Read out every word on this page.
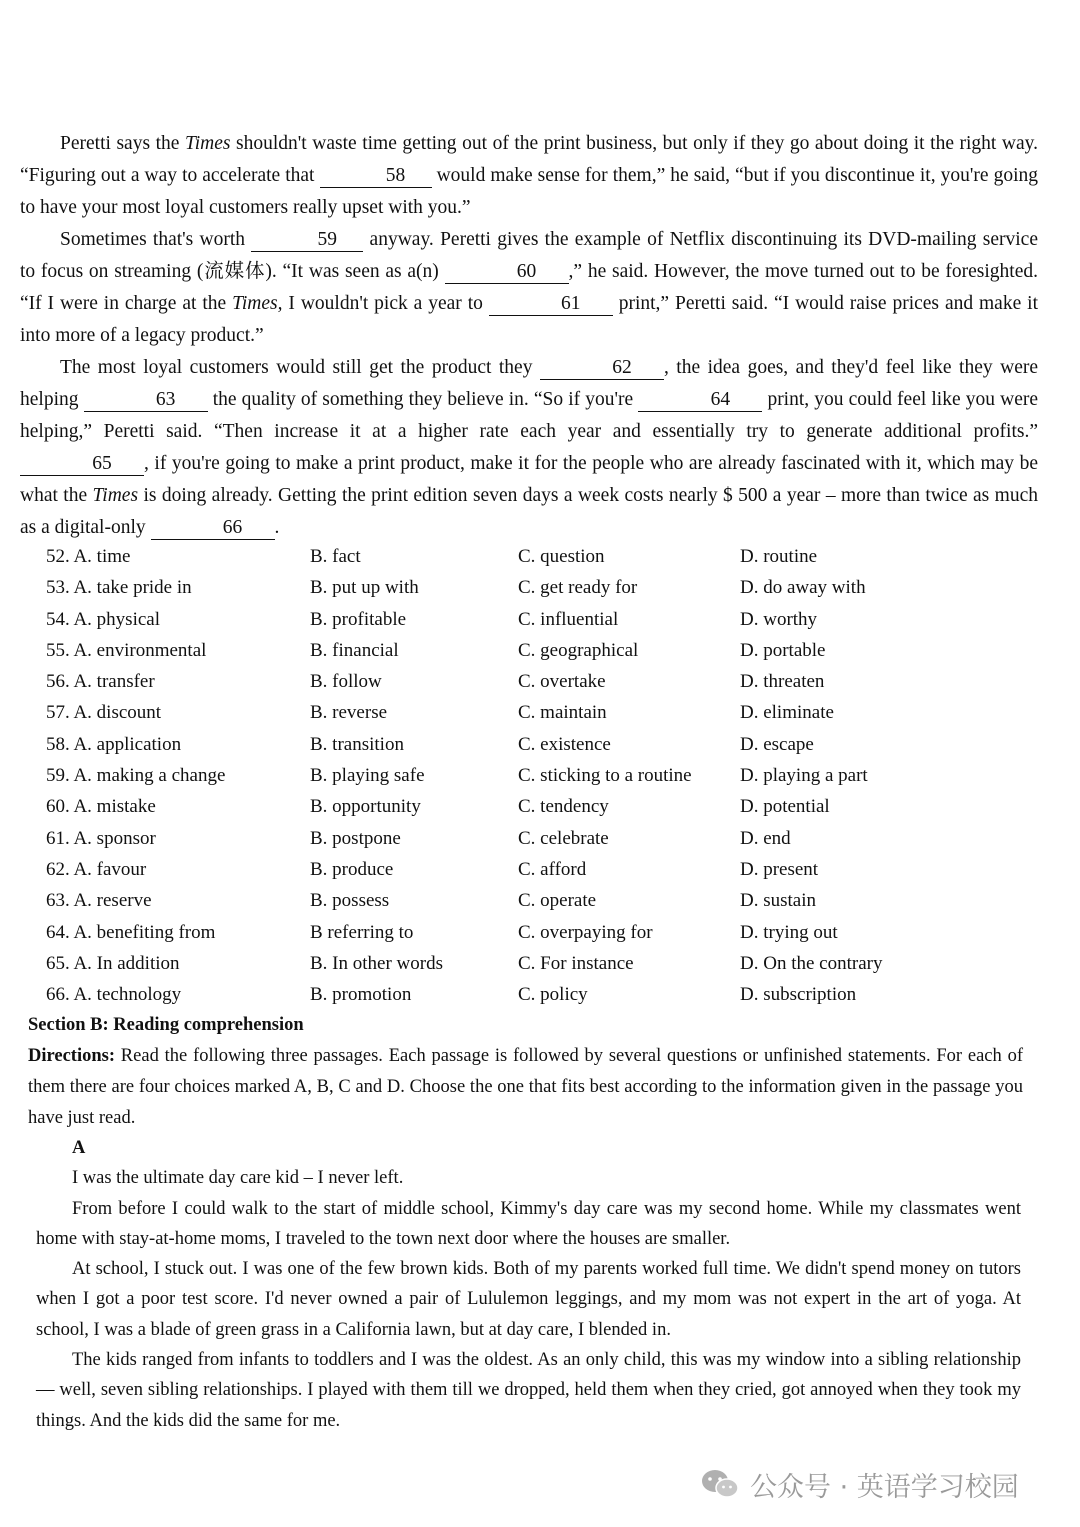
Peretti says the Times shouldn't waste time getting out of the print business, but only if they go about doing it the right way. “Figuring out a way to accelerate that	58 would make sense for them,” he said, “but if you discontinue it, you're going to have your most loyal customers really upset with you.”

Sometimes that's worth	59 anyway. Peretti gives the example of Netflix discontinuing its DVD-mailing service to focus on streaming (流媒体). “It was seen as a(n)	60 ,” he said. However, the move turned out to be foresighted. “If I were in charge at the Times, I wouldn't pick a year to	61 print,” Peretti said. “I would raise prices and make it into more of a legacy product.”

The most loyal customers would still get the product they	62 , the idea goes, and they'd feel like they were helping	63 the quality of something they believe in. “So if you're	64 print, you could feel like you were helping,” Peretti said. “Then increase it at a higher rate each year and essentially try to generate additional profits.” 65 , if you're going to make a print product, make it for the people who are already fascinated with it, which may be what the Times is doing already. Getting the print edition seven days a week costs nearly $ 500 a year – more than twice as much as a digital-only	66 .

52. A. time	B. fact	C. question	D. routine
53. A. take pride in	B. put up with	C. get ready for	D. do away with
54. A. physical	B. profitable	C. influential	D. worthy
55. A. environmental	B. financial	C. geographical	D. portable
56. A. transfer	B. follow	C. overtake	D. threaten
57. A. discount	B. reverse	C. maintain	D. eliminate
58. A. application	B. transition	C. existence	D. escape
59. A. making a change	B. playing safe	C. sticking to a routine	D. playing a part
60. A. mistake	B. opportunity	C. tendency	D. potential
61. A. sponsor	B. postpone	C. celebrate	D. end
62. A. favour	B. produce	C. afford	D. present
63. A. reserve	B. possess	C. operate	D. sustain
64. A. benefiting from	B referring to	C. overpaying for	D. trying out
65. A. In addition	B. In other words	C. For instance	D. On the contrary
66. A. technology	B. promotion	C. policy	D. subscription

Section B: Reading comprehension

Directions: Read the following three passages. Each passage is followed by several questions or unfinished statements. For each of them there are four choices marked A, B, C and D. Choose the one that fits best according to the information given in the passage you have just read.

A

I was the ultimate day care kid – I never left.

From before I could walk to the start of middle school, Kimmy's day care was my second home. While my classmates went home with stay-at-home moms, I traveled to the town next door where the houses are smaller.

At school, I stuck out. I was one of the few brown kids. Both of my parents worked full time. We didn't spend money on tutors when I got a poor test score. I'd never owned a pair of Lululemon leggings, and my mom was not expert in the art of yoga. At school, I was a blade of green grass in a California lawn, but at day care, I blended in.

The kids ranged from infants to toddlers and I was the oldest. As an only child, this was my window into a sibling relationship — well, seven sibling relationships. I played with them till we dropped, held them when they cried, got annoyed when they took my things. And the kids did the same for me.

公众号 · 英语学习校园
